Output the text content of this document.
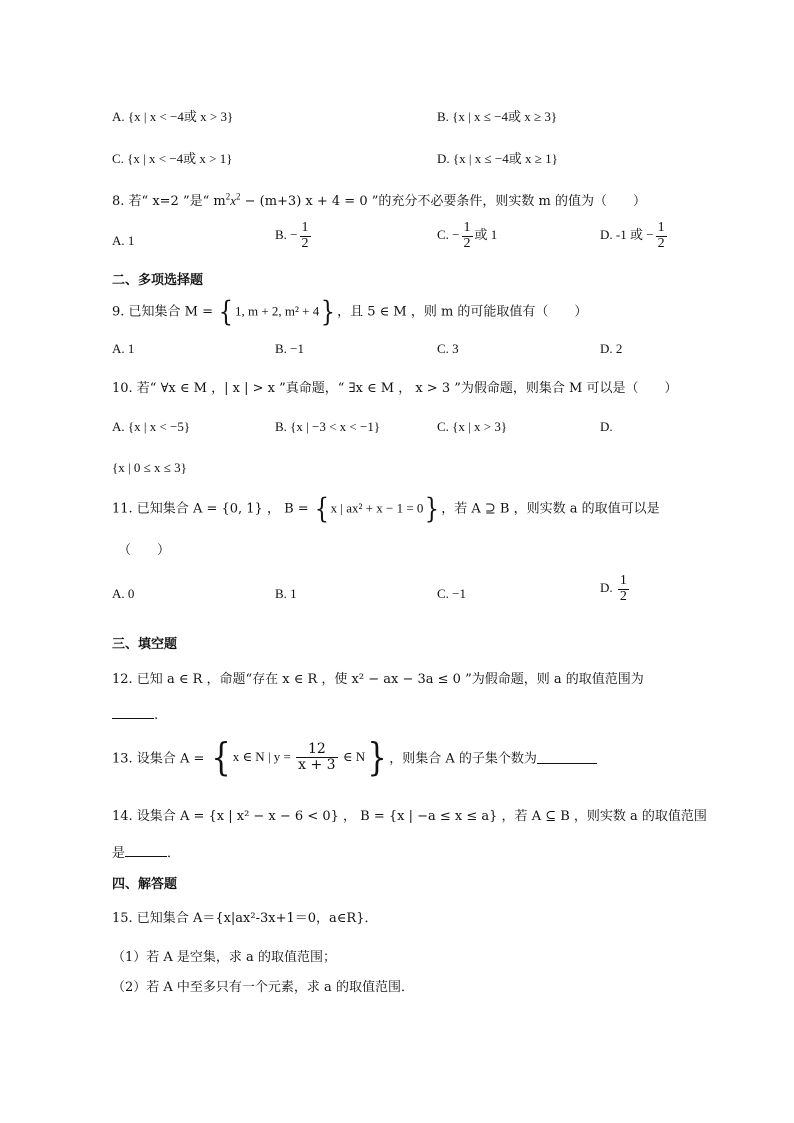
A. {x | x < −4或 x > 3}	B. {x | x ≤ −4或 x ≥ 3}
C. {x | x < −4或 x > 1}	D. {x | x ≤ −4或 x ≥ 1}
8. 若“ x=2 ”是“ $m^2x^2 - (m+3) x + 4 = 0$ ”的充分不必要条件，则实数 m 的值为（　　）
A. 1	B. − $\frac{1}{2}$	C. − $\frac{1}{2}$ 或 1	D. -1 或 − $\frac{1}{2}$
二、多项选择题
9. 已知集合 M = { 1, m + 2, m² + 4} ，且 5 ∈ M ，则 m 的可能取值有（　　）
A. 1	B. −1	C. 3	D. 2
10. 若“ ∀x ∈ M ，| x | > x ”真命题，“ ∃x ∈ M ， x > 3 ”为假命题，则集合 M 可以是（　　）
A. {x | x < −5}	B. {x | −3 < x < −1}	C. {x | x > 3}	D.
{x | 0 ≤ x ≤ 3}
11. 已知集合 A = {0, 1} ， B = { x | ax² + x − 1 = 0} ，若 A ⊇ B ，则实数 a 的取值可以是
（　　）
A. 0	B. 1	C. −1	D. $\frac{1}{2}$
三、填空题
12. 已知 a ∈ R ，命题“存在 x ∈ R ，使 x² − ax − 3a ≤ 0 ”为假命题，则 a 的取值范围为
.
13. 设集合 A = { x ∈ N | $y = \frac{12}{x + 3}$ ∈ N} ，则集合 A 的子集个数为
14. 设集合 A = {x | x² − x − 6 < 0} ， B = {x | −a ≤ x ≤ a} ，若 A ⊆ B ，则实数 a 的取值范围
是	．
四、解答题
15. 已知集合 A＝{x|ax²-3x+1＝0，a∈R}．
（1）若 A 是空集，求 a 的取值范围；
（2）若 A 中至多只有一个元素，求 a 的取值范围．
